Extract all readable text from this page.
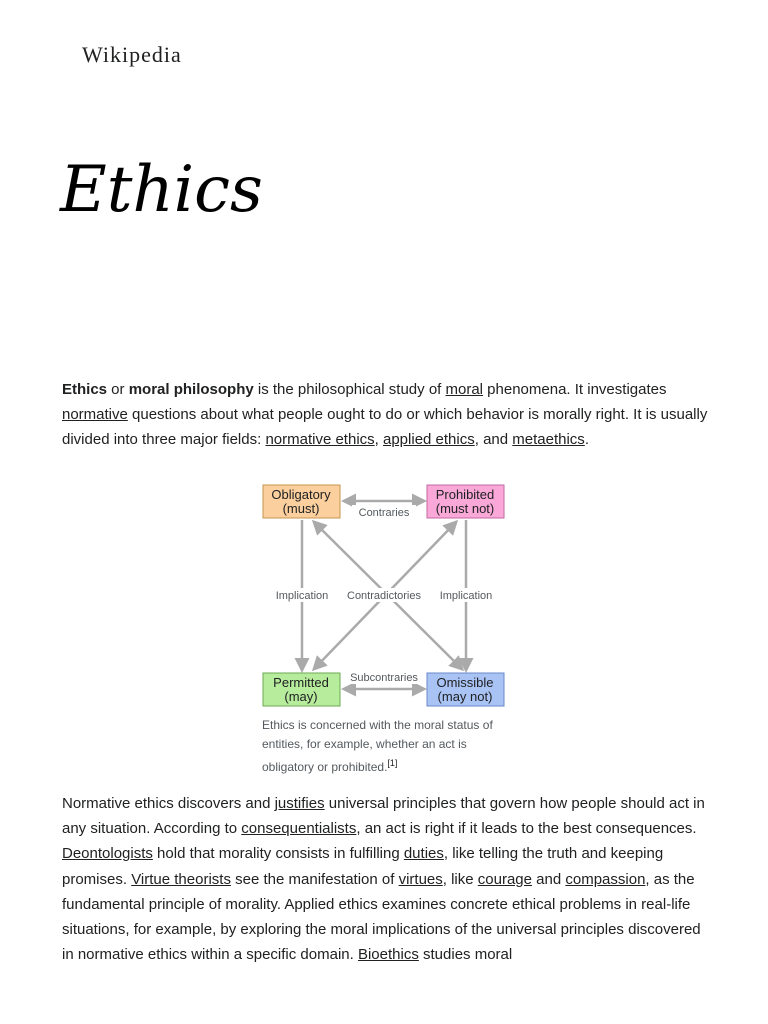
Wikipedia
Ethics

Ethics or moral philosophy is the philosophical study of moral phenomena. It investigates normative questions about what people ought to do or which behavior is morally right. It is usually divided into three major fields: normative ethics, applied ethics, and metaethics.

Contraries
Contradictories
Implication	Implication
Subcontraries
Obligatory
(must)
Prohibited
(must not)
Permitted
(may)
Omissible
(may not)
Ethics is concerned with the moral status of entities, for example, whether an act is obligatory or prohibited.[1]

Normative ethics discovers and justifies universal principles that govern how people should act in any situation. According to consequentialists, an act is right if it leads to the best consequences. Deontologists hold that morality consists in fulfilling duties, like telling the truth and keeping promises. Virtue theorists see the manifestation of virtues, like courage and compassion, as the fundamental principle of morality. Applied ethics examines concrete ethical problems in real-life situations, for example, by exploring the moral implications of the universal principles discovered in normative ethics within a specific domain. Bioethics studies moral
